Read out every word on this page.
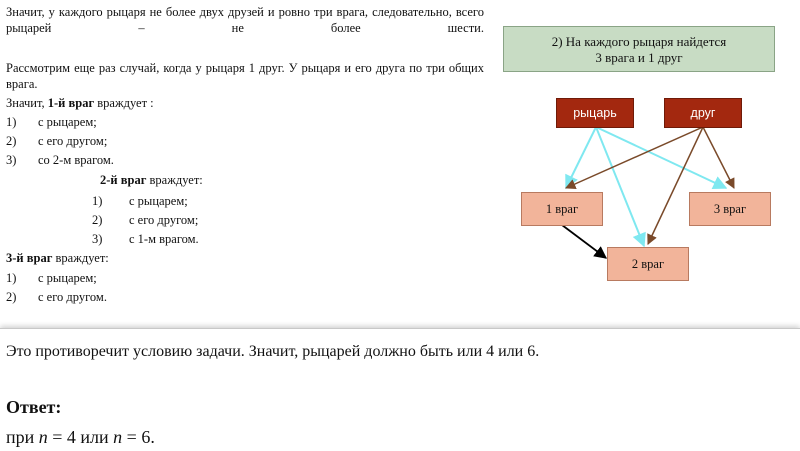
Значит, у каждого рыцаря не более двух друзей и ровно три врага, следовательно, всего рыцарей – не более шести.
Рассмотрим еще раз случай, когда у рыцаря 1 друг. У рыцаря и его друга по три общих врага.
Значит, 1-й враг враждует :
1) с рыцарем;
2) с его другом;
3) со 2-м врагом.
2-й враг враждует:
1) с рыцарем;
2) с его другом;
3) с 1-м врагом.
3-й враг враждует:
1) с рыцарем;
2) с его другом.
2) На каждого рыцаря найдется
3 врага и 1 друг
рыцарь	друг
1 враг	3 враг
2 враг
Это противоречит условию задачи. Значит, рыцарей должно быть или 4 или 6.
Ответ:
при n = 4 или n = 6.
